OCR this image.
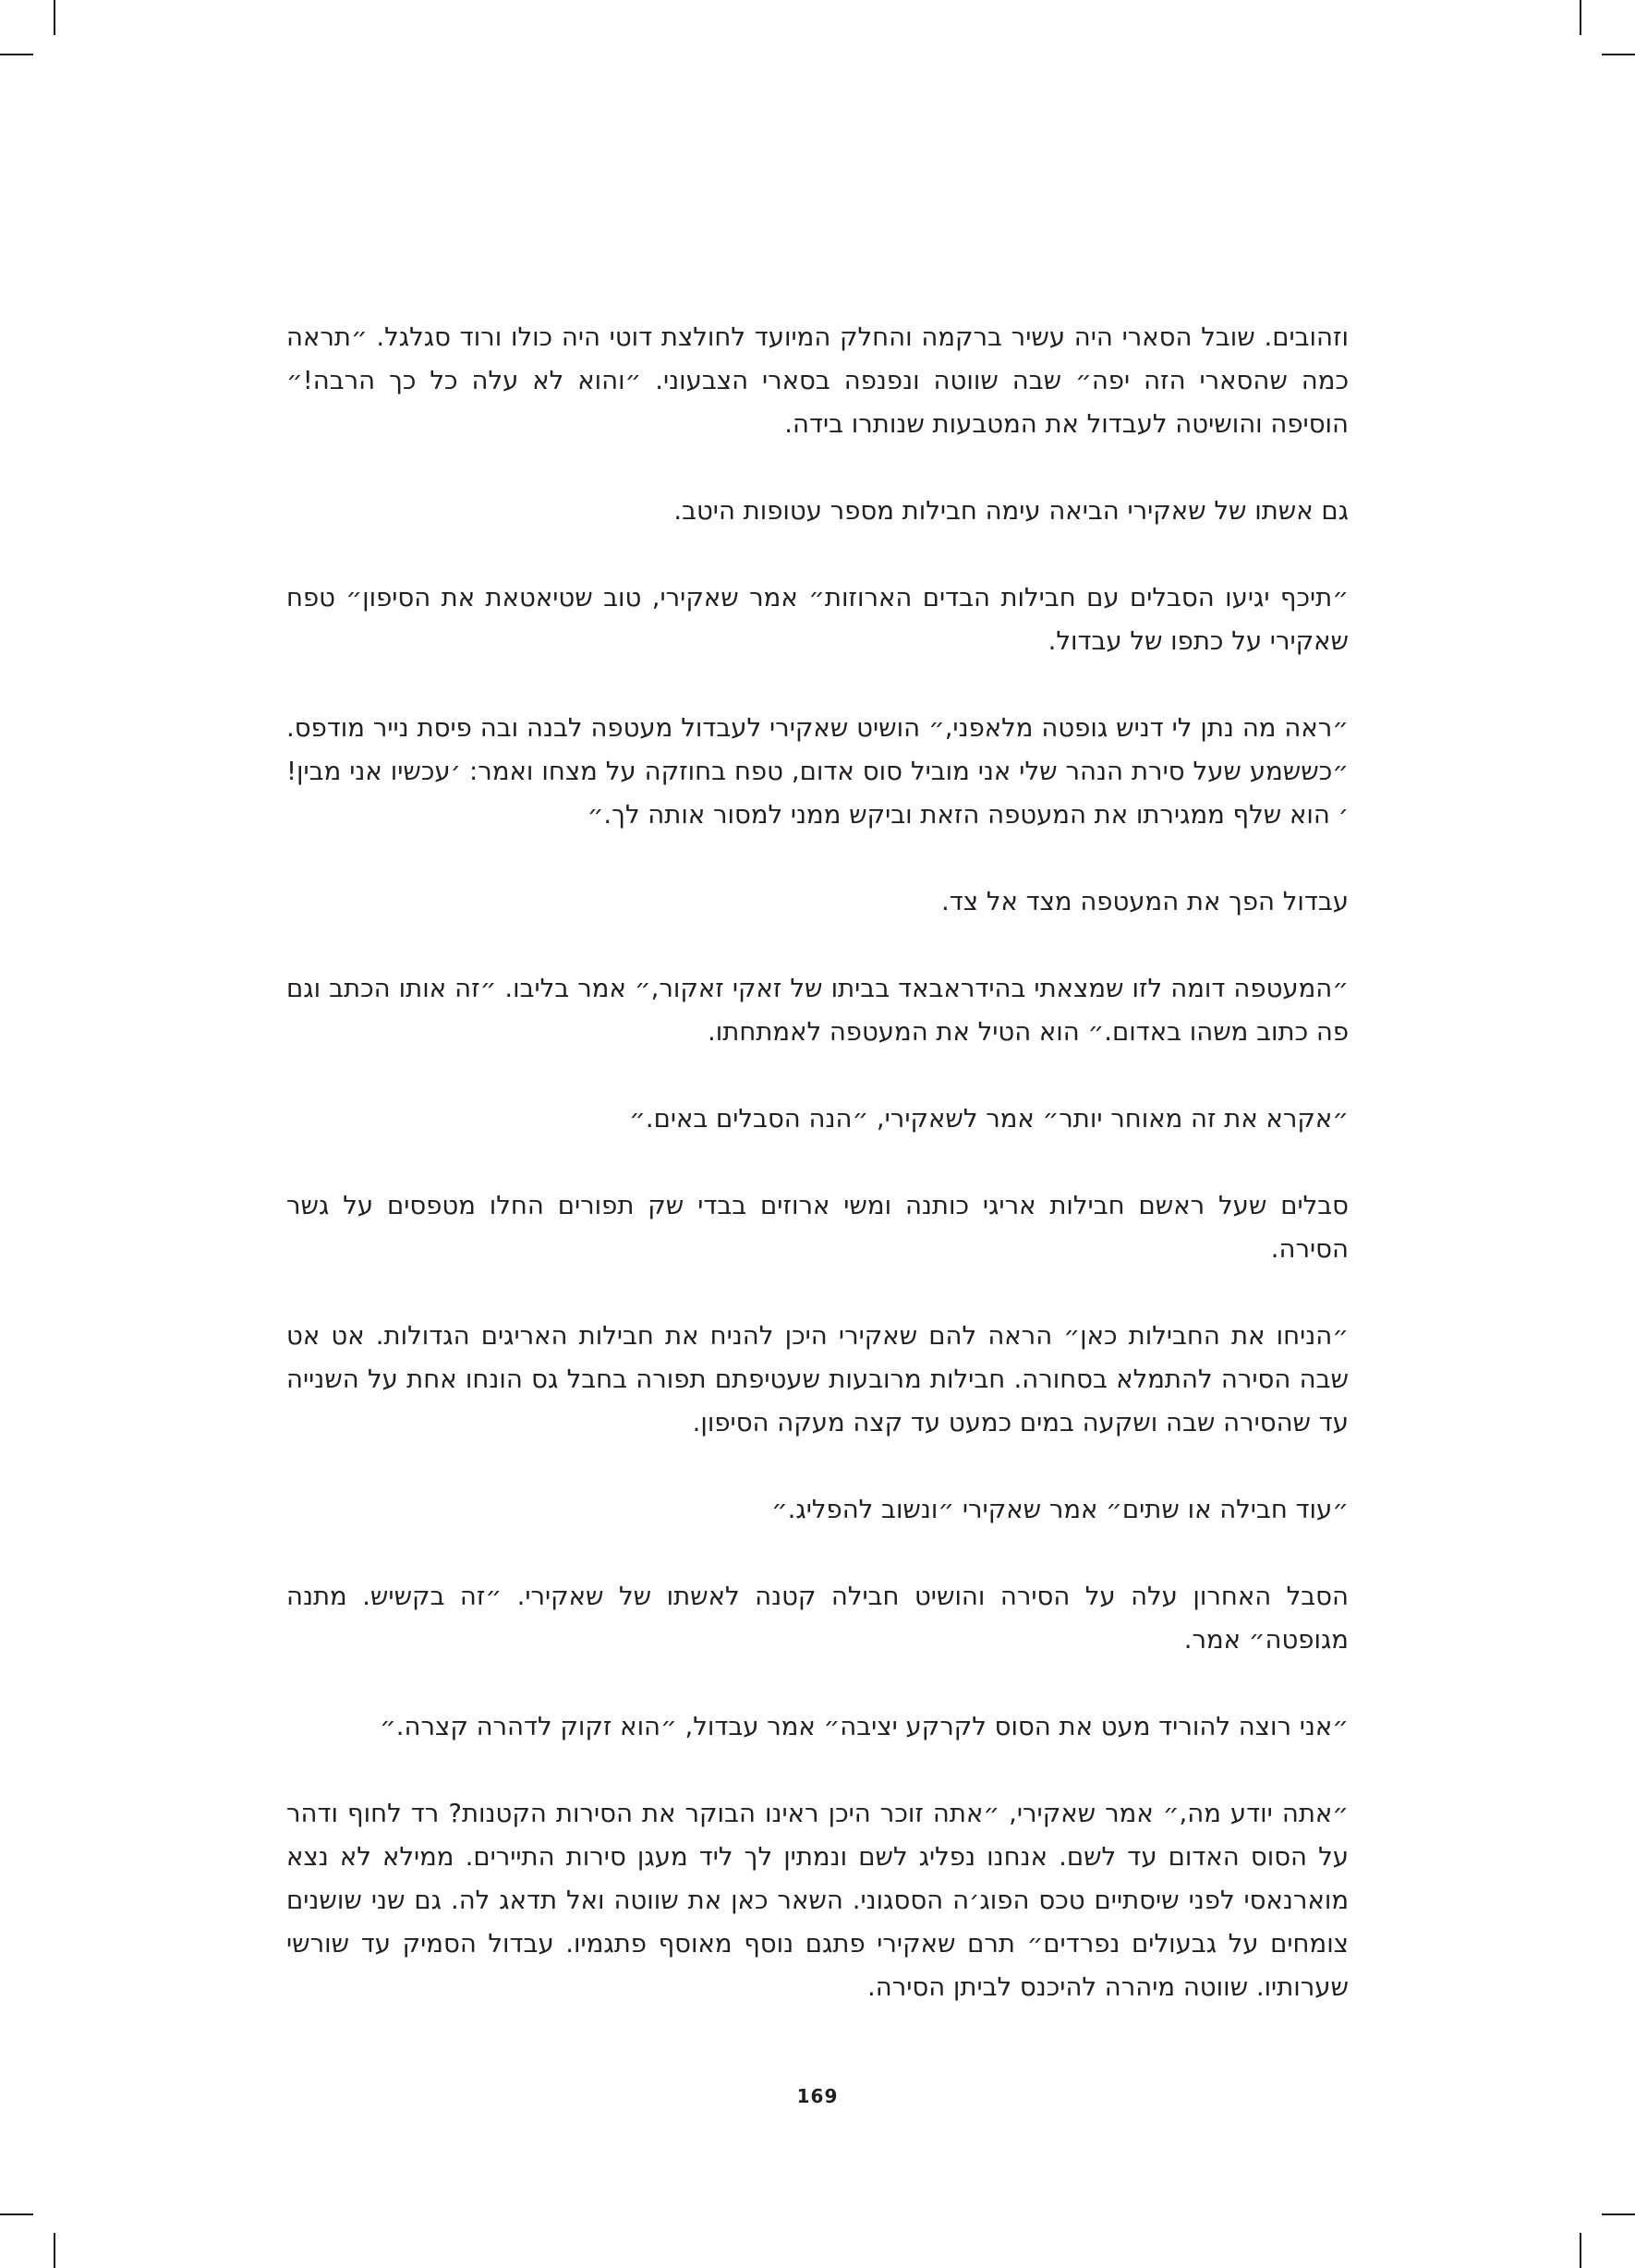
וזהובים. שובל הסארי היה עשיר ברקמה והחלק המיועד לחולצת דוטי היה כולו ורוד סגלגל. ״תראה כמה שהסארי הזה יפה״ שבה שווטה ונפנפה בסארי הצבעוני. ״והוא לא עלה כל כך הרבה!״ הוסיפה והושיטה לעבדול את המטבעות שנותרו בידה.

גם אשתו של שאקירי הביאה עימה חבילות מספר עטופות היטב.

״תיכף יגיעו הסבלים עם חבילות הבדים הארוזות״ אמר שאקירי, טוב שטיאטאת את הסיפון״ טפח שאקירי על כתפו של עבדול.

״ראה מה נתן לי דניש גופטה מלאפני,״ הושיט שאקירי לעבדול מעטפה לבנה ובה פיסת נייר מודפס. ״כששמע שעל סירת הנהר שלי אני מוביל סוס אדום, טפח בחוזקה על מצחו ואמר: ׳עכשיו אני מבין!׳ הוא שלף ממגירתו את המעטפה הזאת וביקש ממני למסור אותה לך.״

עבדול הפך את המעטפה מצד אל צד.

״המעטפה דומה לזו שמצאתי בהידראבאד בביתו של זאקי זאקור,״ אמר בליבו. ״זה אותו הכתב וגם פה כתוב משהו באדום.״ הוא הטיל את המעטפה לאמתחתו.

״אקרא את זה מאוחר יותר״ אמר לשאקירי, ״הנה הסבלים באים.״

סבלים שעל ראשם חבילות אריגי כותנה ומשי ארוזים בבדי שק תפורים החלו מטפסים על גשר הסירה.

״הניחו את החבילות כאן״ הראה להם שאקירי היכן להניח את חבילות האריגים הגדולות. אט אט שבה הסירה להתמלא בסחורה. חבילות מרובעות שעטיפתם תפורה בחבל גס הונחו אחת על השנייה עד שהסירה שבה ושקעה במים כמעט עד קצה מעקה הסיפון.

״עוד חבילה או שתים״ אמר שאקירי ״ונשוב להפליג.״

הסבל האחרון עלה על הסירה והושיט חבילה קטנה לאשתו של שאקירי. ״זה בקשיש. מתנה מגופטה״ אמר.

״אני רוצה להוריד מעט את הסוס לקרקע יציבה״ אמר עבדול, ״הוא זקוק לדהרה קצרה.״

״אתה יודע מה,״ אמר שאקירי, ״אתה זוכר היכן ראינו הבוקר את הסירות הקטנות? רד לחוף ודהר על הסוס האדום עד לשם. אנחנו נפליג לשם ונמתין לך ליד מעגן סירות התיירים. ממילא לא נצא מוארנאסי לפני שיסתיים טכס הפוג׳ה הססגוני. השאר כאן את שווטה ואל תדאג לה. גם שני שושנים צומחים על גבעולים נפרדים״ תרם שאקירי פתגם נוסף מאוסף פתגמיו. עבדול הסמיק עד שורשי שערותיו. שווטה מיהרה להיכנס לביתן הסירה.

169
